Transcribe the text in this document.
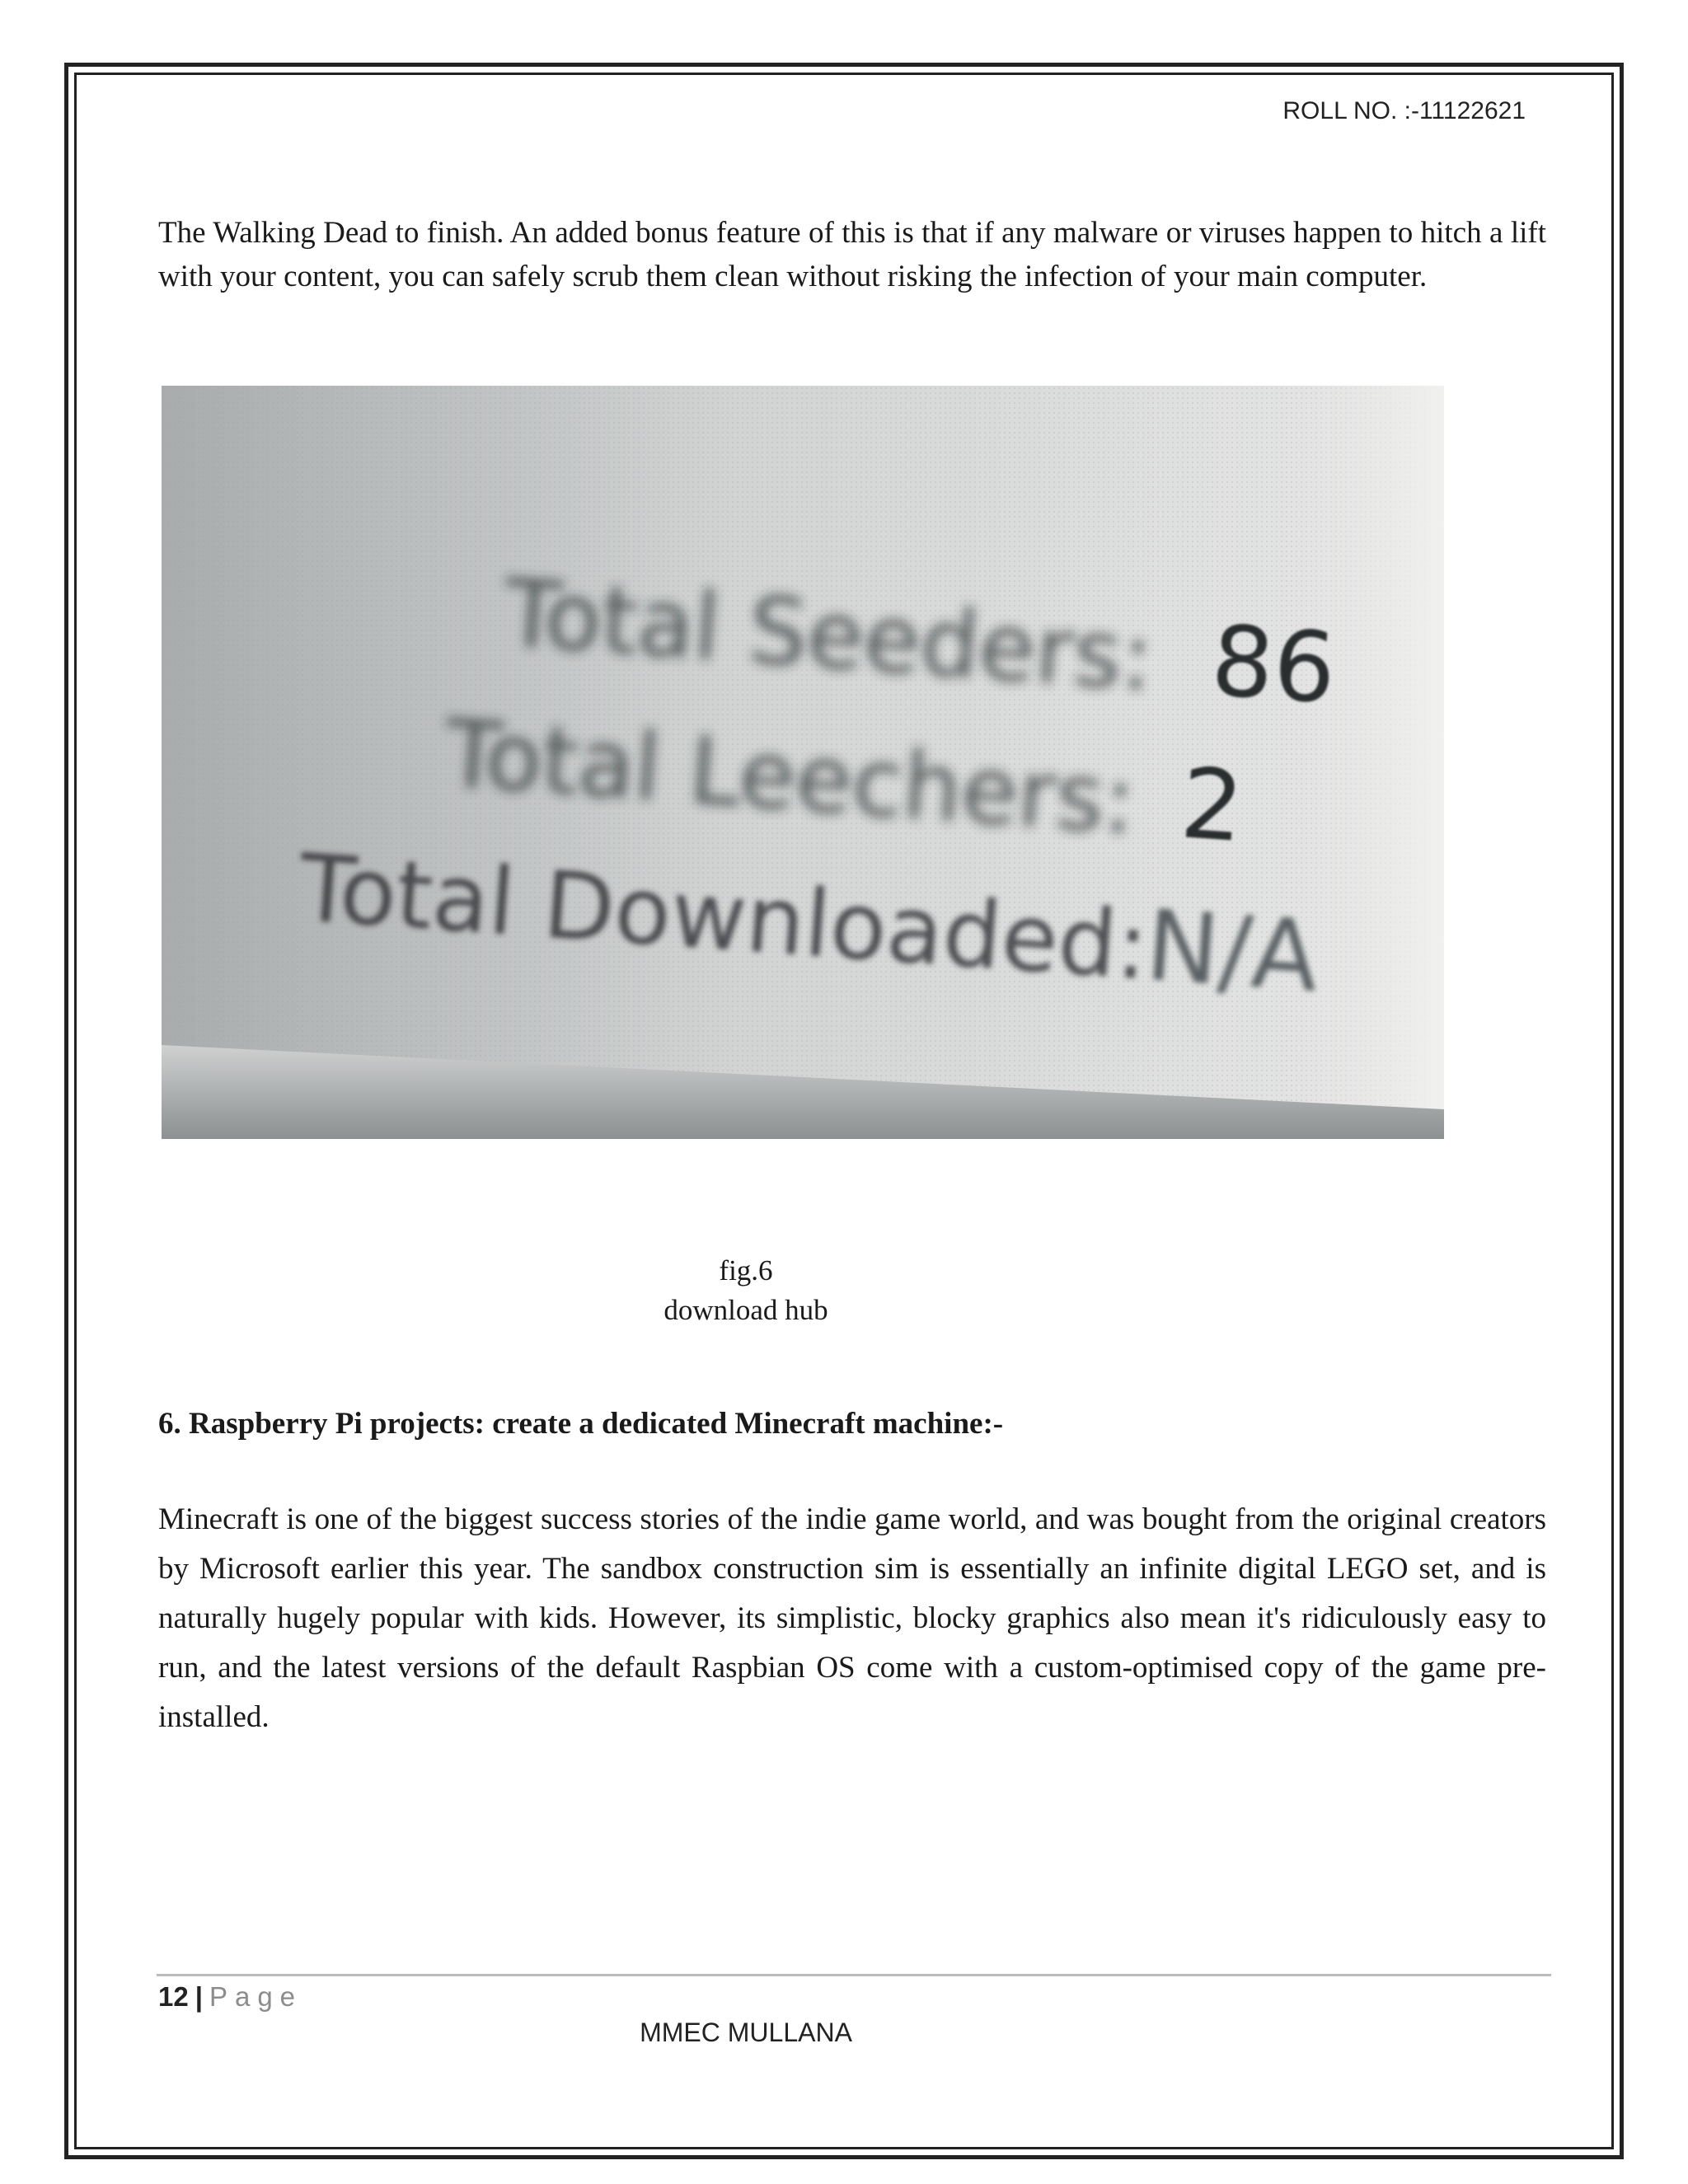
ROLL NO. :-11122621

The Walking Dead to finish. An added bonus feature of this is that if any malware or viruses happen to hitch a lift with your content, you can safely scrub them clean without risking the infection of your main computer.

Total Seeders: 86
Total Leechers: 2
Total Downloaded:
N/A
fig.6
download hub
6. Raspberry Pi projects: create a dedicated Minecraft machine:-

Minecraft is one of the biggest success stories of the indie game world, and was bought from the original creators by Microsoft earlier this year. The sandbox construction sim is essentially an infinite digital LEGO set, and is naturally hugely popular with kids. However, its simplistic, blocky graphics also mean it's ridiculously easy to run, and the latest versions of the default Raspbian OS come with a custom-optimised copy of the game pre-installed.

12 | Page
MMEC MULLANA
